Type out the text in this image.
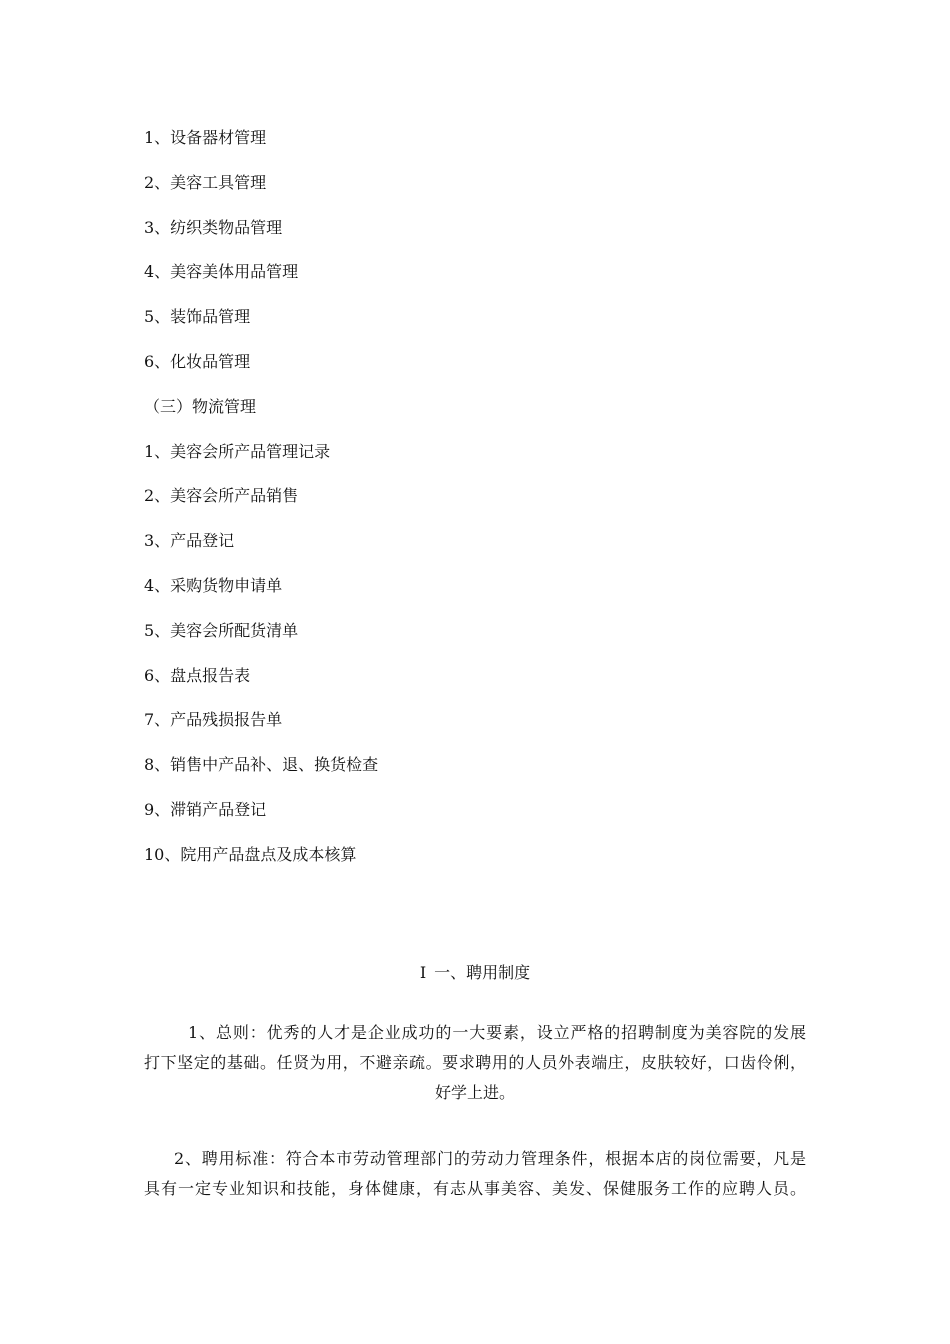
1、设备器材管理
2、美容工具管理
3、纺织类物品管理
4、美容美体用品管理
5、装饰品管理
6、化妆品管理
（三）物流管理
1、美容会所产品管理记录
2、美容会所产品销售
3、产品登记
4、采购货物申请单
5、美容会所配货清单
6、盘点报告表
7、产品残损报告单
8、销售中产品补、退、换货检查
9、滞销产品登记
10、院用产品盘点及成本核算
I 一、聘用制度
1、总则：优秀的人才是企业成功的一大要素，设立严格的招聘制度为美容院的发展
打下坚定的基础。任贤为用，不避亲疏。要求聘用的人员外表端庄，皮肤较好，口齿伶俐，
好学上进。
2、聘用标准：符合本市劳动管理部门的劳动力管理条件，根据本店的岗位需要，凡是
具有一定专业知识和技能，身体健康，有志从事美容、美发、保健服务工作的应聘人员。
